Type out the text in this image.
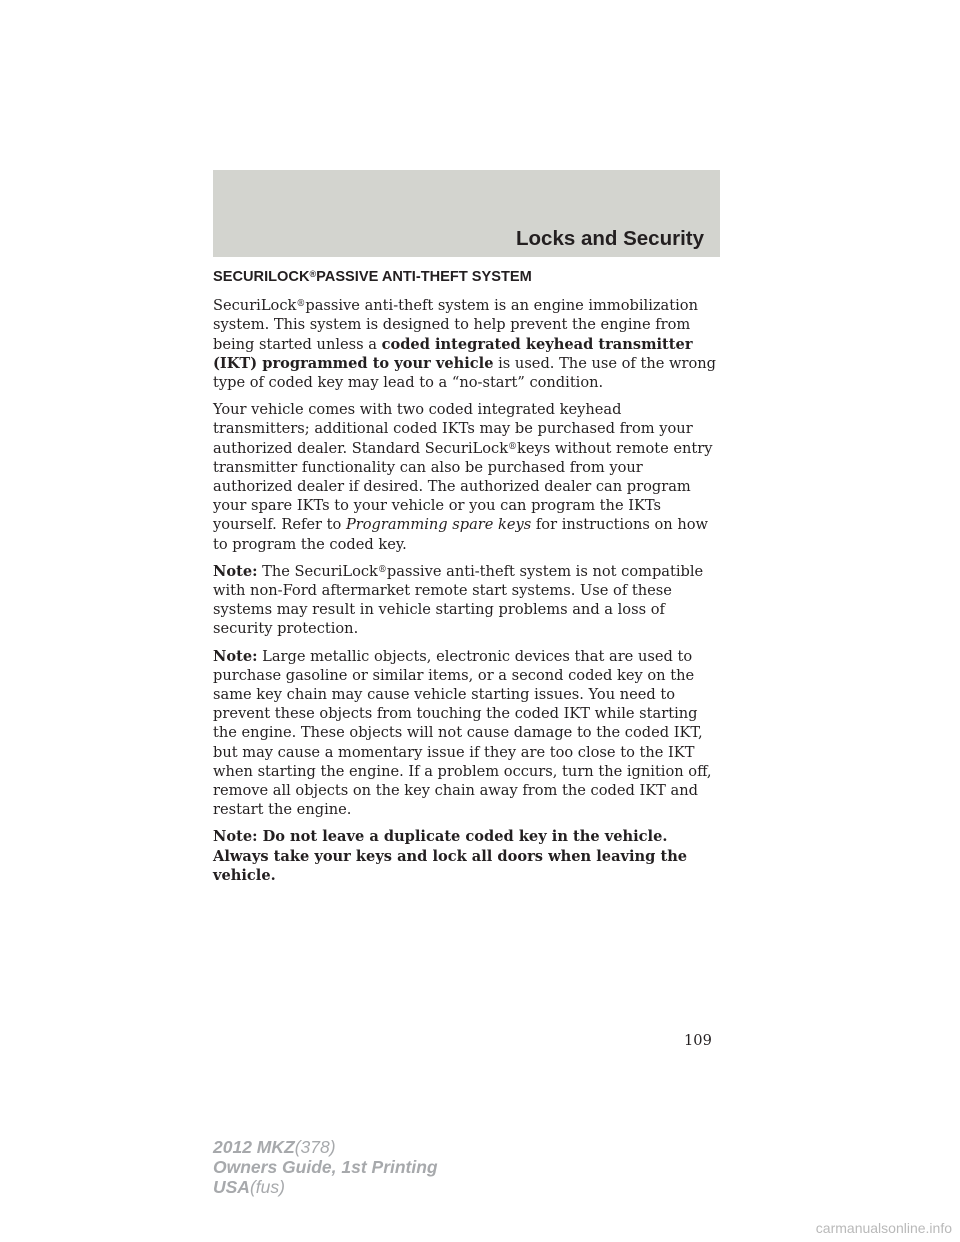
Locks and Security
SECURILOCK®PASSIVE ANTI-THEFT SYSTEM

SecuriLock®passive anti-theft system is an engine immobilization system. This system is designed to help prevent the engine from being started unless a coded integrated keyhead transmitter (IKT) programmed to your vehicle is used. The use of the wrong type of coded key may lead to a “no-start” condition.

Your vehicle comes with two coded integrated keyhead transmitters; additional coded IKTs may be purchased from your authorized dealer. Standard SecuriLock®keys without remote entry transmitter functionality can also be purchased from your authorized dealer if desired. The authorized dealer can program your spare IKTs to your vehicle or you can program the IKTs yourself. Refer to Programming spare keys for instructions on how to program the coded key.

Note: The SecuriLock®passive anti-theft system is not compatible with non-Ford aftermarket remote start systems. Use of these systems may result in vehicle starting problems and a loss of security protection.

Note: Large metallic objects, electronic devices that are used to purchase gasoline or similar items, or a second coded key on the same key chain may cause vehicle starting issues. You need to prevent these objects from touching the coded IKT while starting the engine. These objects will not cause damage to the coded IKT, but may cause a momentary issue if they are too close to the IKT when starting the engine. If a problem occurs, turn the ignition off, remove all objects on the key chain away from the coded IKT and restart the engine.

Note: Do not leave a duplicate coded key in the vehicle. Always take your keys and lock all doors when leaving the vehicle.

109
2012 MKZ(378)
Owners Guide, 1st Printing
USA(fus)
carmanualsonline.info
